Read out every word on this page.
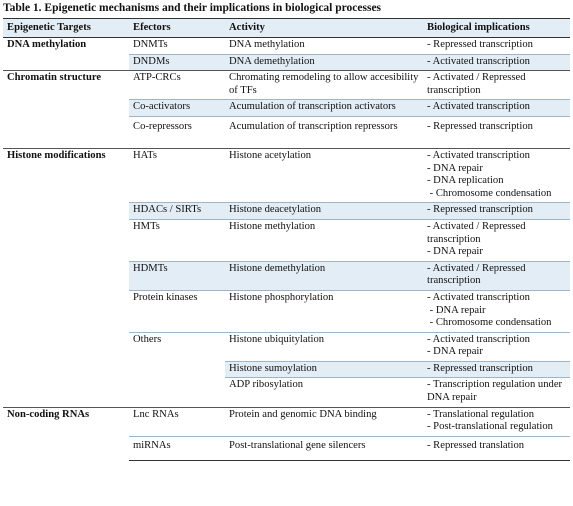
Table 1. Epigenetic mechanisms and their implications in biological processes
Epigenetic Targets	Efectors	Activity	Biological implications
DNA methylation	DNMTs	DNA methylation	- Repressed transcription

	DNDMs	DNA demethylation	- Activated transcription

Chromatin structure	ATP-CRCs	Chromating remodeling to allow accesibility of TFs	- Activated / Repressed transcription

	Co-activators	Acumulation of transcription activators	- Activated transcription

	Co-repressors	Acumulation of transcription repressors	- Repressed transcription

Histone modifications	HATs	Histone acetylation	- Activated transcription
- DNA repair
- DNA replication
- Chromosome condensation

	HDACs / SIRTs	Histone deacetylation	- Repressed transcription

	HMTs	Histone methylation	- Activated / Repressed transcription
- DNA repair

	HDMTs	Histone demethylation	- Activated / Repressed transcription

	Protein kinases	Histone phosphorylation	- Activated transcription
- DNA repair
- Chromosome condensation

	Others	Histone ubiquitylation	- Activated transcription
- DNA repair

		Histone sumoylation	- Repressed transcription

		ADP ribosylation	- Transcription regulation under DNA repair

Non-coding RNAs	Lnc RNAs	Protein and genomic DNA binding	- Translational regulation
- Post-translational regulation

	miRNAs	Post-translational gene silencers	- Repressed translation
